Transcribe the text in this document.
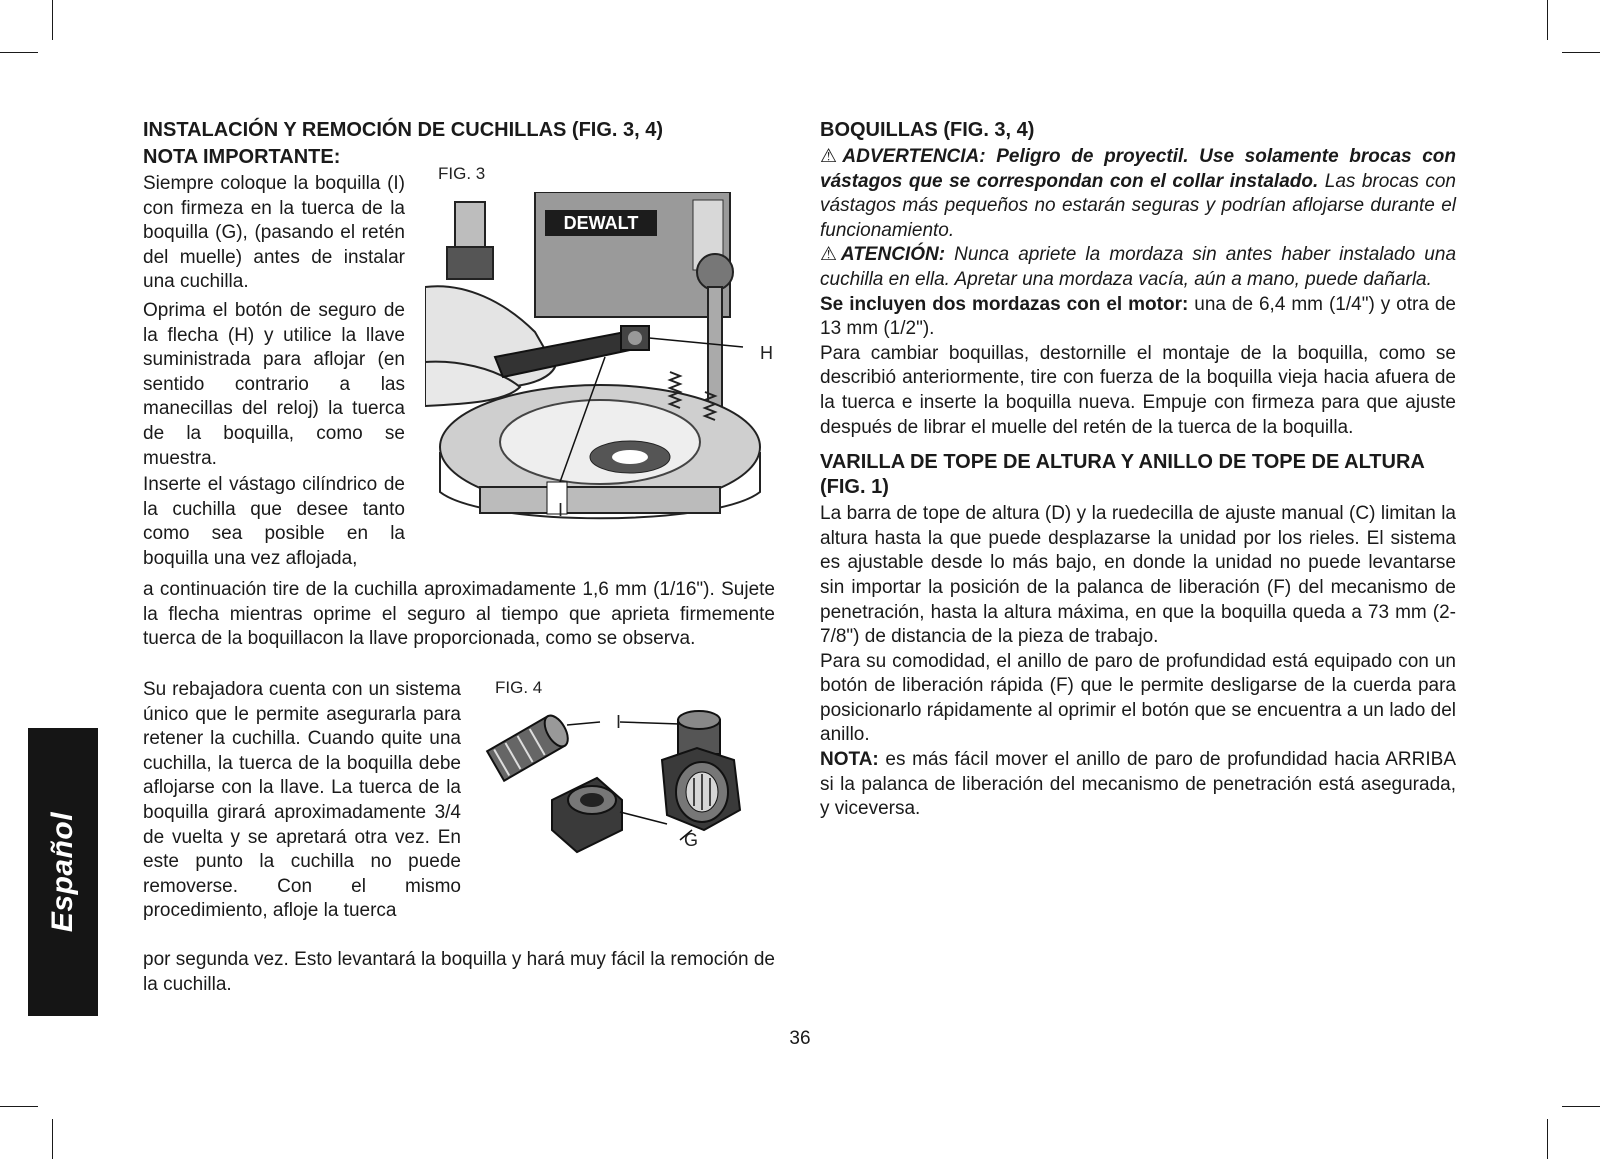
INSTALACIÓN Y REMOCIÓN DE CUCHILLAS (FIG. 3, 4)
NOTA IMPORTANTE:

Siempre coloque la boquilla (I) con firmeza en la tuerca de la boquilla (G), (pasando el retén del muelle) antes de instalar una cuchilla.

Oprima el botón de seguro de la flecha (H) y utilice la llave suministrada para aflojar (en sentido contrario a las manecillas del reloj) la tuerca de la boquilla, como se muestra.

Inserte el vástago cilíndrico de la cuchilla que desee tanto como sea posible en la boquilla una vez aflojada,

a continuación tire de la cuchilla aproximadamente 1,6 mm (1/16"). Sujete la flecha mientras oprime el seguro al tiempo que aprieta firmemente tuerca de la boquillacon la llave proporcionada, como se observa.

Su rebajadora cuenta con un sistema único que le permite asegurarla para retener la cuchilla. Cuando quite una cuchilla, la tuerca de la boquilla debe aflojarse con la llave. La tuerca de la boquilla girará aproximadamente 3/4 de vuelta y se apretará otra vez. En este punto la cuchilla no puede removerse. Con el mismo procedimiento, afloje la tuerca

por segunda vez. Esto levantará la boquilla y hará muy fácil la remoción de la cuchilla.

FIG. 3
DEWALT
H
I
FIG. 4
I
G
BOQUILLAS (FIG. 3, 4)

⚠ADVERTENCIA: Peligro de proyectil. Use solamente brocas con vástagos que se correspondan con el collar instalado. Las brocas con vástagos más pequeños no estarán seguras y podrían aflojarse durante el funcionamiento.

⚠ATENCIÓN: Nunca apriete la mordaza sin antes haber instalado una cuchilla en ella. Apretar una mordaza vacía, aún a mano, puede dañarla.

Se incluyen dos mordazas con el motor: una de 6,4 mm (1/4") y otra de 13 mm (1/2").

Para cambiar boquillas, destornille el montaje de la boquilla, como se describió anteriormente, tire con fuerza de la boquilla vieja hacia afuera de la tuerca e inserte la boquilla nueva. Empuje con firmeza para que ajuste después de librar el muelle del retén de la tuerca de la boquilla.

VARILLA DE TOPE DE ALTURA Y ANILLO DE TOPE DE ALTURA (FIG. 1)

La barra de tope de altura (D) y la ruedecilla de ajuste manual (C) limitan la altura hasta la que puede desplazarse la unidad por los rieles. El sistema es ajustable desde lo más bajo, en donde la unidad no puede levantarse sin importar la posición de la palanca de liberación (F) del mecanismo de penetración, hasta la altura máxima, en que la boquilla queda a 73 mm (2-7/8") de distancia de la pieza de trabajo.

Para su comodidad, el anillo de paro de profundidad está equipado con un botón de liberación rápida (F) que le permite desligarse de la cuerda para posicionarlo rápidamente al oprimir el botón que se encuentra a un lado del anillo.

NOTA: es más fácil mover el anillo de paro de profundidad hacia ARRIBA si la palanca de liberación del mecanismo de penetración está asegurada, y viceversa.

Español
36
